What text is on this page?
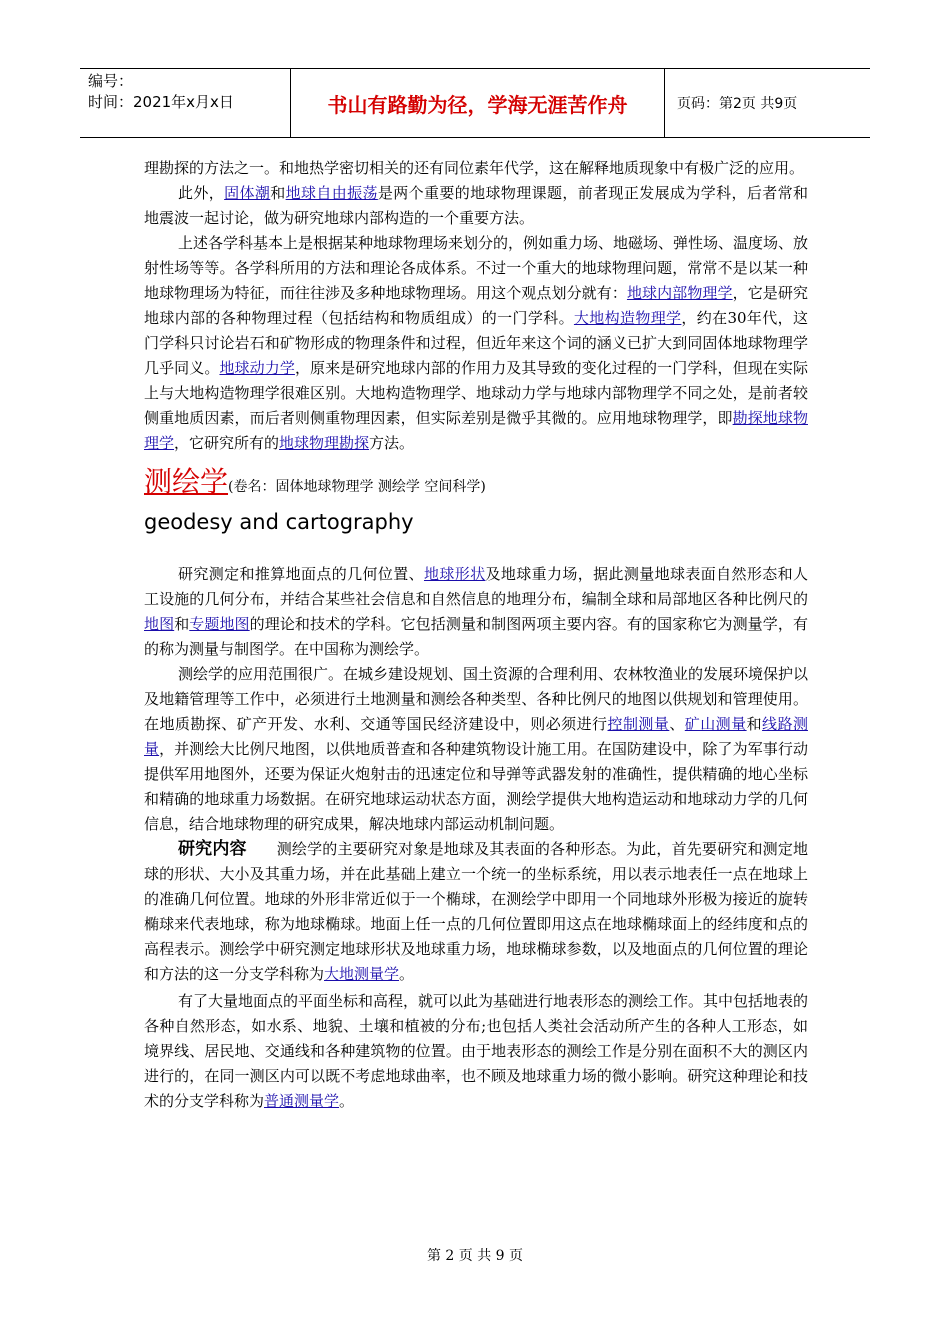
编号：
时间：2021年x月x日	书山有路勤为径，学海无涯苦作舟	页码：第2页 共9页

理勘探的方法之一。和地热学密切相关的还有同位素年代学，这在解释地质现象中有极广泛的应用。

此外，固体潮和地球自由振荡是两个重要的地球物理课题，前者现正发展成为学科，后者常和地震波一起讨论，做为研究地球内部构造的一个重要方法。

上述各学科基本上是根据某种地球物理场来划分的，例如重力场、地磁场、弹性场、温度场、放射性场等等。各学科所用的方法和理论各成体系。不过一个重大的地球物理问题，常常不是以某一种地球物理场为特征，而往往涉及多种地球物理场。用这个观点划分就有：地球内部物理学，它是研究地球内部的各种物理过程（包括结构和物质组成）的一门学科。大地构造物理学，约在30年代，这门学科只讨论岩石和矿物形成的物理条件和过程，但近年来这个词的涵义已扩大到同固体地球物理学几乎同义。地球动力学，原来是研究地球内部的作用力及其导致的变化过程的一门学科，但现在实际上与大地构造物理学很难区别。大地构造物理学、地球动力学与地球内部物理学不同之处，是前者较侧重地质因素，而后者则侧重物理因素，但实际差别是微乎其微的。应用地球物理学，即勘探地球物理学，它研究所有的地球物理勘探方法。

测绘学 (卷名：固体地球物理学 测绘学 空间科学)
geodesy and cartography

研究测定和推算地面点的几何位置、地球形状及地球重力场，据此测量地球表面自然形态和人工设施的几何分布，并结合某些社会信息和自然信息的地理分布，编制全球和局部地区各种比例尺的地图和专题地图的理论和技术的学科。它包括测量和制图两项主要内容。有的国家称它为测量学，有的称为测量与制图学。在中国称为测绘学。

测绘学的应用范围很广。在城乡建设规划、国土资源的合理利用、农林牧渔业的发展环境保护以及地籍管理等工作中，必须进行土地测量和测绘各种类型、各种比例尺的地图以供规划和管理使用。在地质勘探、矿产开发、水利、交通等国民经济建设中，则必须进行控制测量、矿山测量和线路测量，并测绘大比例尺地图，以供地质普查和各种建筑物设计施工用。在国防建设中，除了为军事行动提供军用地图外，还要为保证火炮射击的迅速定位和导弹等武器发射的准确性，提供精确的地心坐标和精确的地球重力场数据。在研究地球运动状态方面，测绘学提供大地构造运动和地球动力学的几何信息，结合地球物理的研究成果，解决地球内部运动机制问题。

研究内容 测绘学的主要研究对象是地球及其表面的各种形态。为此，首先要研究和测定地球的形状、大小及其重力场，并在此基础上建立一个统一的坐标系统，用以表示地表任一点在地球上的准确几何位置。地球的外形非常近似于一个椭球，在测绘学中即用一个同地球外形极为接近的旋转椭球来代表地球，称为地球椭球。地面上任一点的几何位置即用这点在地球椭球面上的经纬度和点的高程表示。测绘学中研究测定地球形状及地球重力场，地球椭球参数，以及地面点的几何位置的理论和方法的这一分支学科称为大地测量学。

有了大量地面点的平面坐标和高程，就可以此为基础进行地表形态的测绘工作。其中包括地表的各种自然形态，如水系、地貌、土壤和植被的分布;也包括人类社会活动所产生的各种人工形态，如境界线、居民地、交通线和各种建筑物的位置。由于地表形态的测绘工作是分别在面积不大的测区内进行的，在同一测区内可以既不考虑地球曲率，也不顾及地球重力场的微小影响。研究这种理论和技术的分支学科称为普通测量学。

第 2 页 共 9 页
